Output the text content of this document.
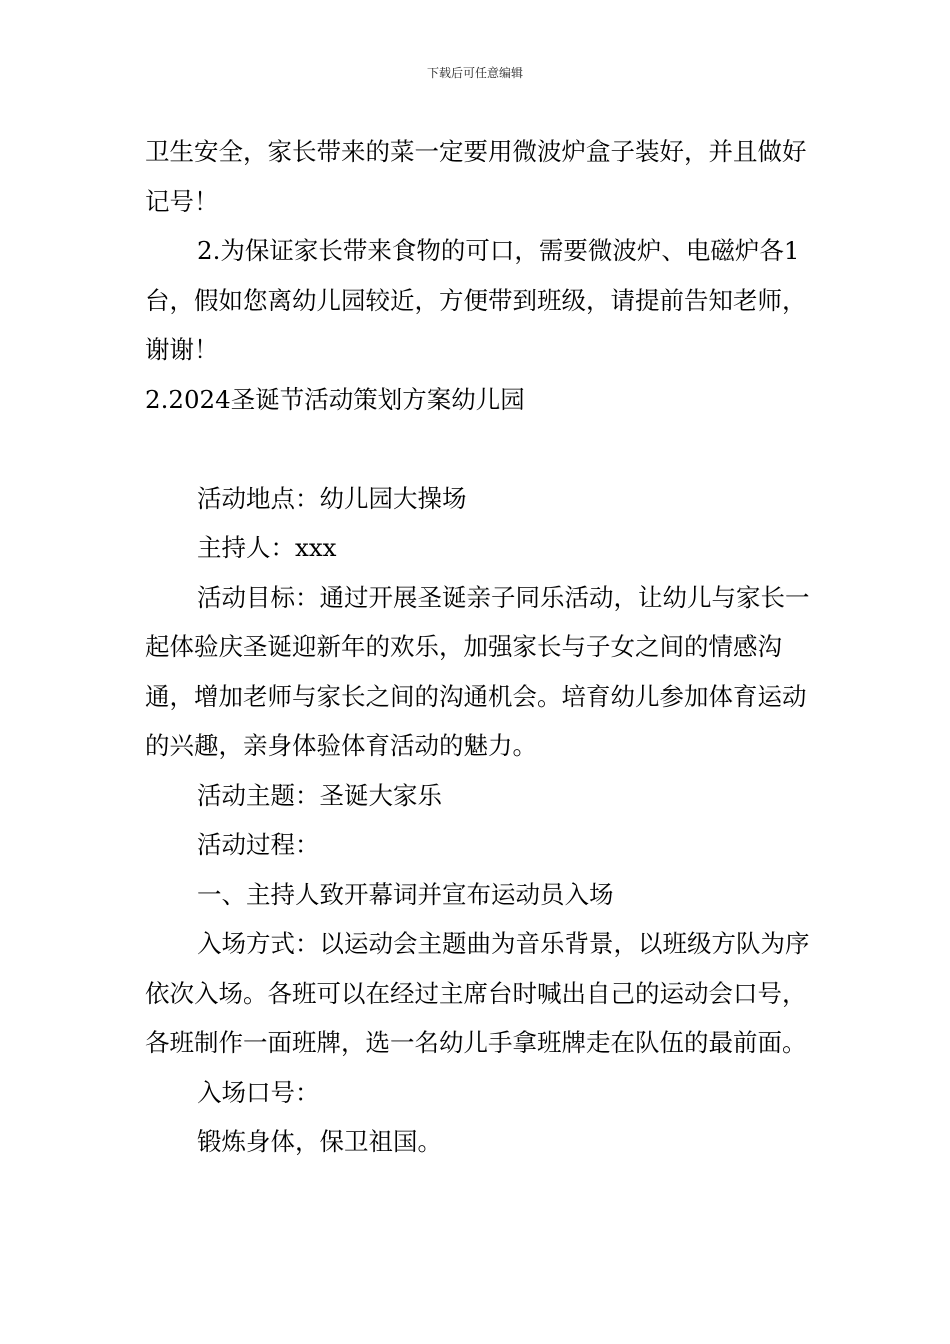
下载后可任意编辑

卫生安全，家长带来的菜一定要用微波炉盒子装好，并且做好记号！

2.为保证家长带来食物的可口，需要微波炉、电磁炉各1台，假如您离幼儿园较近，方便带到班级，请提前告知老师，谢谢！

2.2024圣诞节活动策划方案幼儿园

活动地点：幼儿园大操场

主持人：xxx

活动目标：通过开展圣诞亲子同乐活动，让幼儿与家长一起体验庆圣诞迎新年的欢乐，加强家长与子女之间的情感沟通，增加老师与家长之间的沟通机会。培育幼儿参加体育运动的兴趣，亲身体验体育活动的魅力。

活动主题：圣诞大家乐

活动过程：

一、主持人致开幕词并宣布运动员入场

入场方式：以运动会主题曲为音乐背景，以班级方队为序依次入场。各班可以在经过主席台时喊出自己的运动会口号，各班制作一面班牌，选一名幼儿手拿班牌走在队伍的最前面。

入场口号：

锻炼身体，保卫祖国。
